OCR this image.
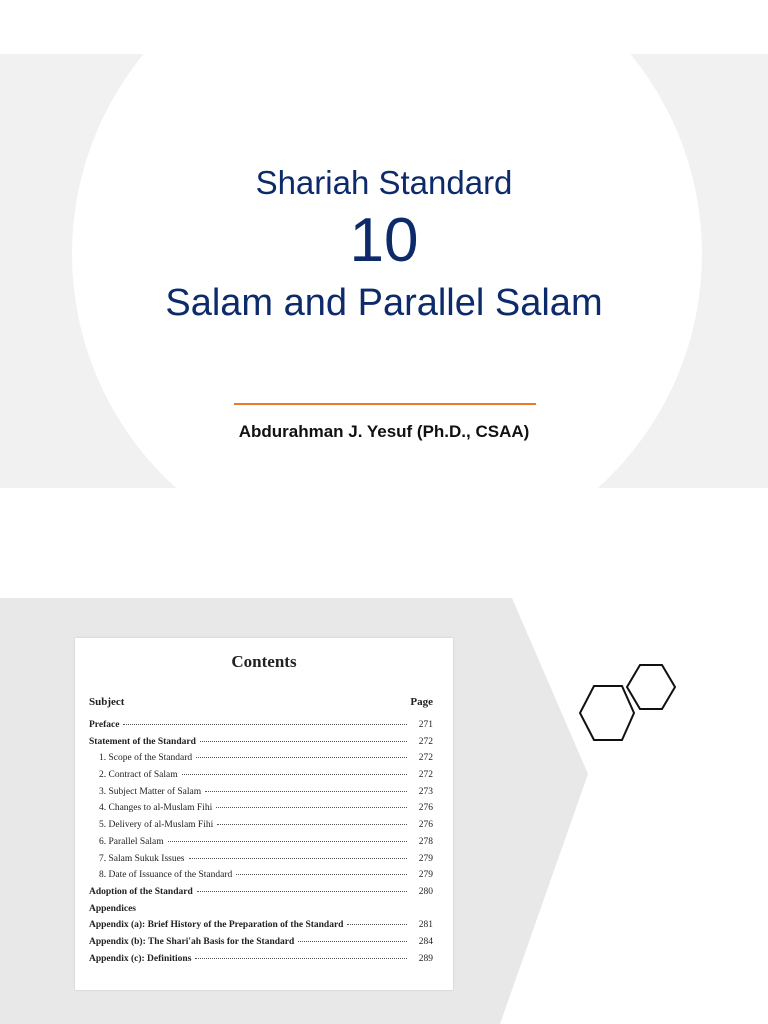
Shariah Standard
10
Salam and Parallel Salam
Abdurahman J. Yesuf (Ph.D., CSAA)
Contents
Subject	Page
Preface	271
Statement of the Standard	272
1. Scope of the Standard	272
2. Contract of Salam	272
3. Subject Matter of Salam	273
4. Changes to al-Muslam Fihi	276
5. Delivery of al-Muslam Fihi	276
6. Parallel Salam	278
7. Salam Sukuk Issues	279
8. Date of Issuance of the Standard	279
Adoption of the Standard	280
Appendices
Appendix (a): Brief History of the Preparation of the Standard	281
Appendix (b): The Shari'ah Basis for the Standard	284
Appendix (c): Definitions	289
